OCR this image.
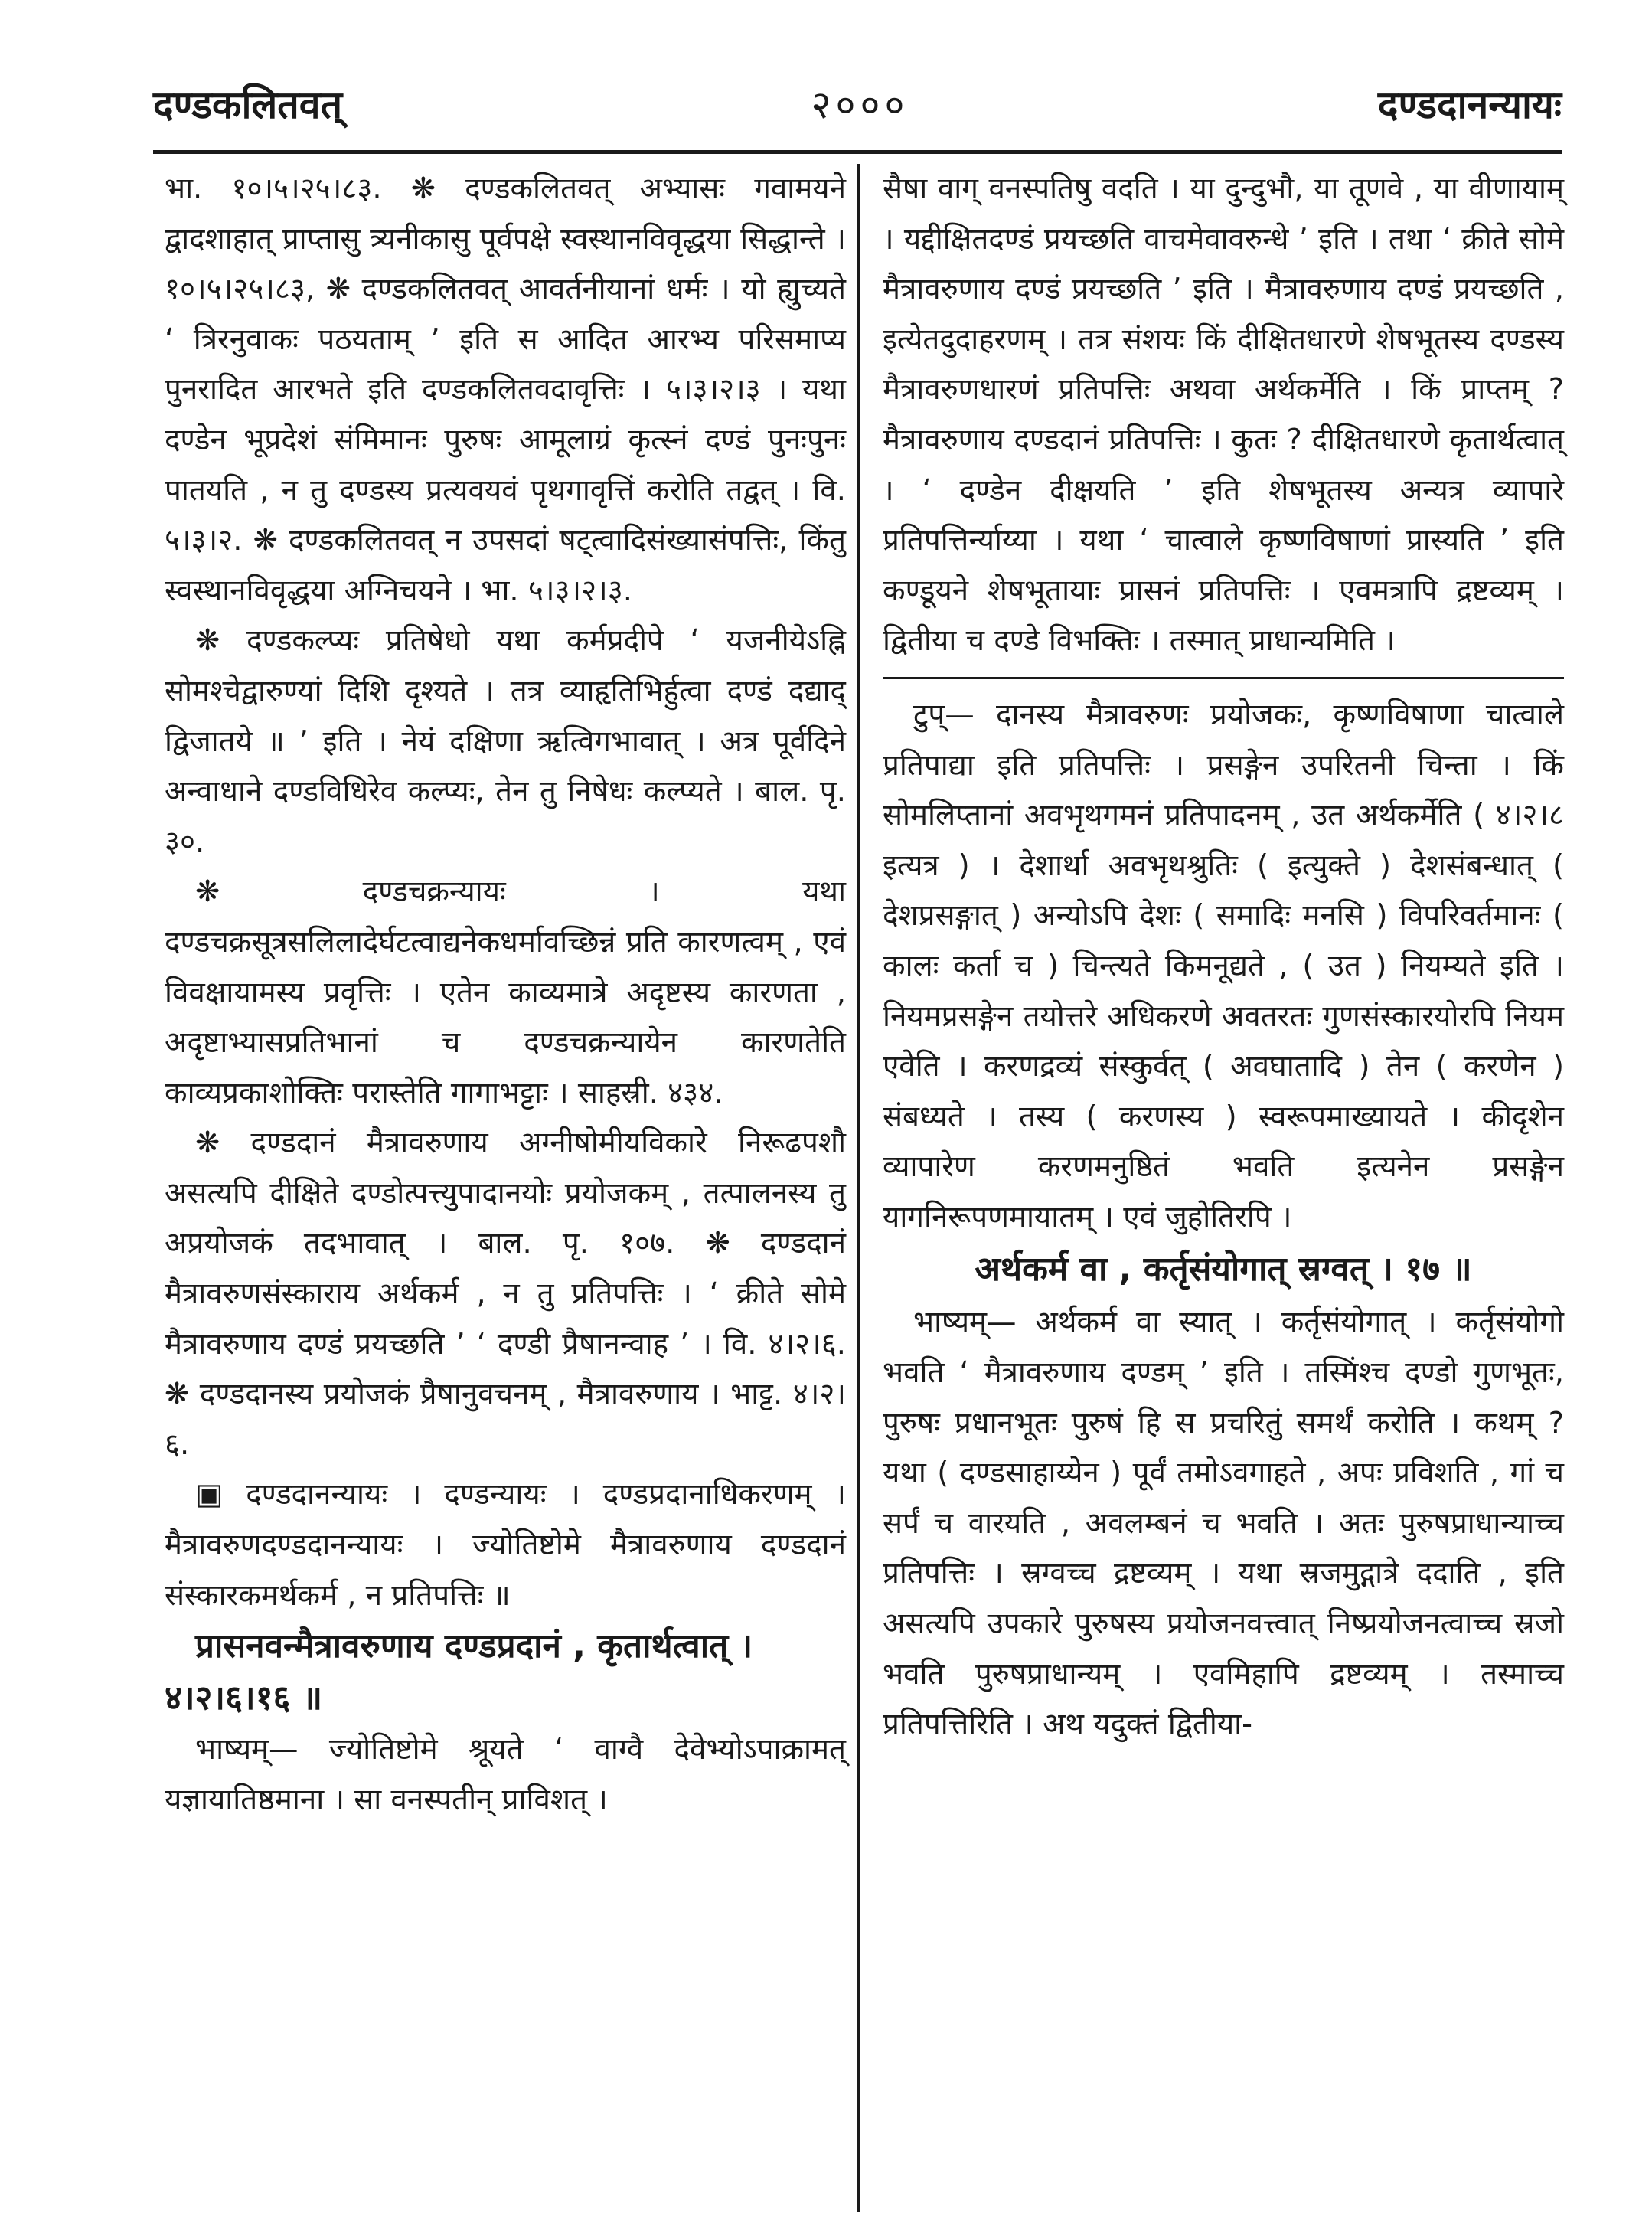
दण्डकलितवत्	२०००	दण्डदानन्यायः

भा. १०।५।२५।८३. ❋ दण्डकलितवत् अभ्यासः गवामयने द्वादशाहात् प्राप्तासु त्र्यनीकासु पूर्वपक्षे स्वस्थानविवृद्धया सिद्धान्ते । १०।५।२५।८३, ❋ दण्डकलितवत् आवर्तनीयानां धर्मः । यो ह्युच्यते ‘ त्रिरनुवाकः पठयताम् ’ इति स आदित आरभ्य परिसमाप्य पुनरादित आरभते इति दण्डकलितवदावृत्तिः । ५।३।२।३ । यथा दण्डेन भूप्रदेशं संमिमानः पुरुषः आमूलाग्रं कृत्स्नं दण्डं पुनःपुनः पातयति , न तु दण्डस्य प्रत्यवयवं पृथगावृत्तिं करोति तद्वत् । वि. ५।३।२. ❋ दण्डकलितवत् न उपसदां षट्त्वादिसंख्यासंपत्तिः, किंतु स्वस्थानविवृद्धया अग्निचयने । भा. ५।३।२।३.

❋ दण्डकल्प्यः प्रतिषेधो यथा कर्मप्रदीपे ‘ यजनीयेऽह्नि सोमश्चेद्वारुण्यां दिशि दृश्यते । तत्र व्याहृतिभिर्हुत्वा दण्डं दद्याद् द्विजातये ॥ ’ इति । नेयं दक्षिणा ऋत्विगभावात् । अत्र पूर्वदिने अन्वाधाने दण्डविधिरेव कल्प्यः, तेन तु निषेधः कल्प्यते । बाल. पृ. ३०.

❋ दण्डचक्रन्यायः । यथा दण्डचक्रसूत्रसलिलादेर्घटत्वाद्यनेकधर्मावच्छिन्नं प्रति कारणत्वम् , एवं विवक्षायामस्य प्रवृत्तिः । एतेन काव्यमात्रे अदृष्टस्य कारणता , अदृष्टाभ्यासप्रतिभानां च दण्डचक्रन्यायेन कारणतेति काव्यप्रकाशोक्तिः परास्तेति गागाभट्टाः । साहस्री. ४३४.

❋ दण्डदानं मैत्रावरुणाय अग्नीषोमीयविकारे निरूढपशौ असत्यपि दीक्षिते दण्डोत्पत्त्युपादानयोः प्रयोजकम् , तत्पालनस्य तु अप्रयोजकं तदभावात् । बाल. पृ. १०७. ❋ दण्डदानं मैत्रावरुणसंस्काराय अर्थकर्म , न तु प्रतिपत्तिः । ‘ क्रीते सोमे मैत्रावरुणाय दण्डं प्रयच्छति ’ ‘ दण्डी प्रैषानन्वाह ’ । वि. ४।२।६. ❋ दण्डदानस्य प्रयोजकं प्रैषानुवचनम् , मैत्रावरुणाय । भाट्ट. ४।२।६.

▣ दण्डदानन्यायः । दण्डन्यायः । दण्डप्रदानाधिकरणम् । मैत्रावरुणदण्डदानन्यायः । ज्योतिष्टोमे मैत्रावरुणाय दण्डदानं संस्कारकमर्थकर्म , न प्रतिपत्तिः ॥

प्रासनवन्मैत्रावरुणाय दण्डप्रदानं , कृतार्थत्वात् ।

४।२।६।१६ ॥

भाष्यम्— ज्योतिष्टोमे श्रूयते ‘ वाग्वै देवेभ्योऽपाक्रामत् यज्ञायातिष्ठमाना । सा वनस्पतीन् प्राविशत् ।

सैषा वाग् वनस्पतिषु वदति । या दुन्दुभौ, या तूणवे , या वीणायाम् । यद्दीक्षितदण्डं प्रयच्छति वाचमेवावरुन्धे ’ इति । तथा ‘ क्रीते सोमे मैत्रावरुणाय दण्डं प्रयच्छति ’ इति । मैत्रावरुणाय दण्डं प्रयच्छति , इत्येतदुदाहरणम् । तत्र संशयः किं दीक्षितधारणे शेषभूतस्य दण्डस्य मैत्रावरुणधारणं प्रतिपत्तिः अथवा अर्थकर्मेति । किं प्राप्तम् ? मैत्रावरुणाय दण्डदानं प्रतिपत्तिः । कुतः ? दीक्षितधारणे कृतार्थत्वात् । ‘ दण्डेन दीक्षयति ’ इति शेषभूतस्य अन्यत्र व्यापारे प्रतिपत्तिर्न्याय्या । यथा ‘ चात्वाले कृष्णविषाणां प्रास्यति ’ इति कण्डूयने शेषभूतायाः प्रासनं प्रतिपत्तिः । एवमत्रापि द्रष्टव्यम् । द्वितीया च दण्डे विभक्तिः । तस्मात् प्राधान्यमिति ।

टुप्— दानस्य मैत्रावरुणः प्रयोजकः, कृष्णविषाणा चात्वाले प्रतिपाद्या इति प्रतिपत्तिः । प्रसङ्गेन उपरितनी चिन्ता । किं सोमलिप्तानां अवभृथगमनं प्रतिपादनम् , उत अर्थकर्मेति ( ४।२।८ इत्यत्र ) । देशार्था अवभृथश्रुतिः ( इत्युक्ते ) देशसंबन्धात् ( देशप्रसङ्गात् ) अन्योऽपि देशः ( समादिः मनसि ) विपरिवर्तमानः ( कालः कर्ता च ) चिन्त्यते किमनूद्यते , ( उत ) नियम्यते इति । नियमप्रसङ्गेन तयोत्तरे अधिकरणे अवतरतः गुणसंस्कारयोरपि नियम एवेति । करणद्रव्यं संस्कुर्वत् ( अवघातादि ) तेन ( करणेन ) संबध्यते । तस्य ( करणस्य ) स्वरूपमाख्यायते । कीदृशेन व्यापारेण करणमनुष्ठितं भवति इत्यनेन प्रसङ्गेन यागनिरूपणमायातम् । एवं जुहोतिरपि ।

अर्थकर्म वा , कर्तृसंयोगात् स्रग्वत् । १७ ॥

भाष्यम्— अर्थकर्म वा स्यात् । कर्तृसंयोगात् । कर्तृसंयोगो भवति ‘ मैत्रावरुणाय दण्डम् ’ इति । तस्मिंश्च दण्डो गुणभूतः, पुरुषः प्रधानभूतः पुरुषं हि स प्रचरितुं समर्थं करोति । कथम् ? यथा ( दण्डसाहाय्येन ) पूर्वं तमोऽवगाहते , अपः प्रविशति , गां च सर्पं च वारयति , अवलम्बनं च भवति । अतः पुरुषप्राधान्याच्च प्रतिपत्तिः । स्रग्वच्च द्रष्टव्यम् । यथा स्रजमुद्गात्रे ददाति , इति असत्यपि उपकारे पुरुषस्य प्रयोजनवत्त्वात् निष्प्रयोजनत्वाच्च स्रजो भवति पुरुषप्राधान्यम् । एवमिहापि द्रष्टव्यम् । तस्माच्च प्रतिपत्तिरिति । अथ यदुक्तं द्वितीया-
